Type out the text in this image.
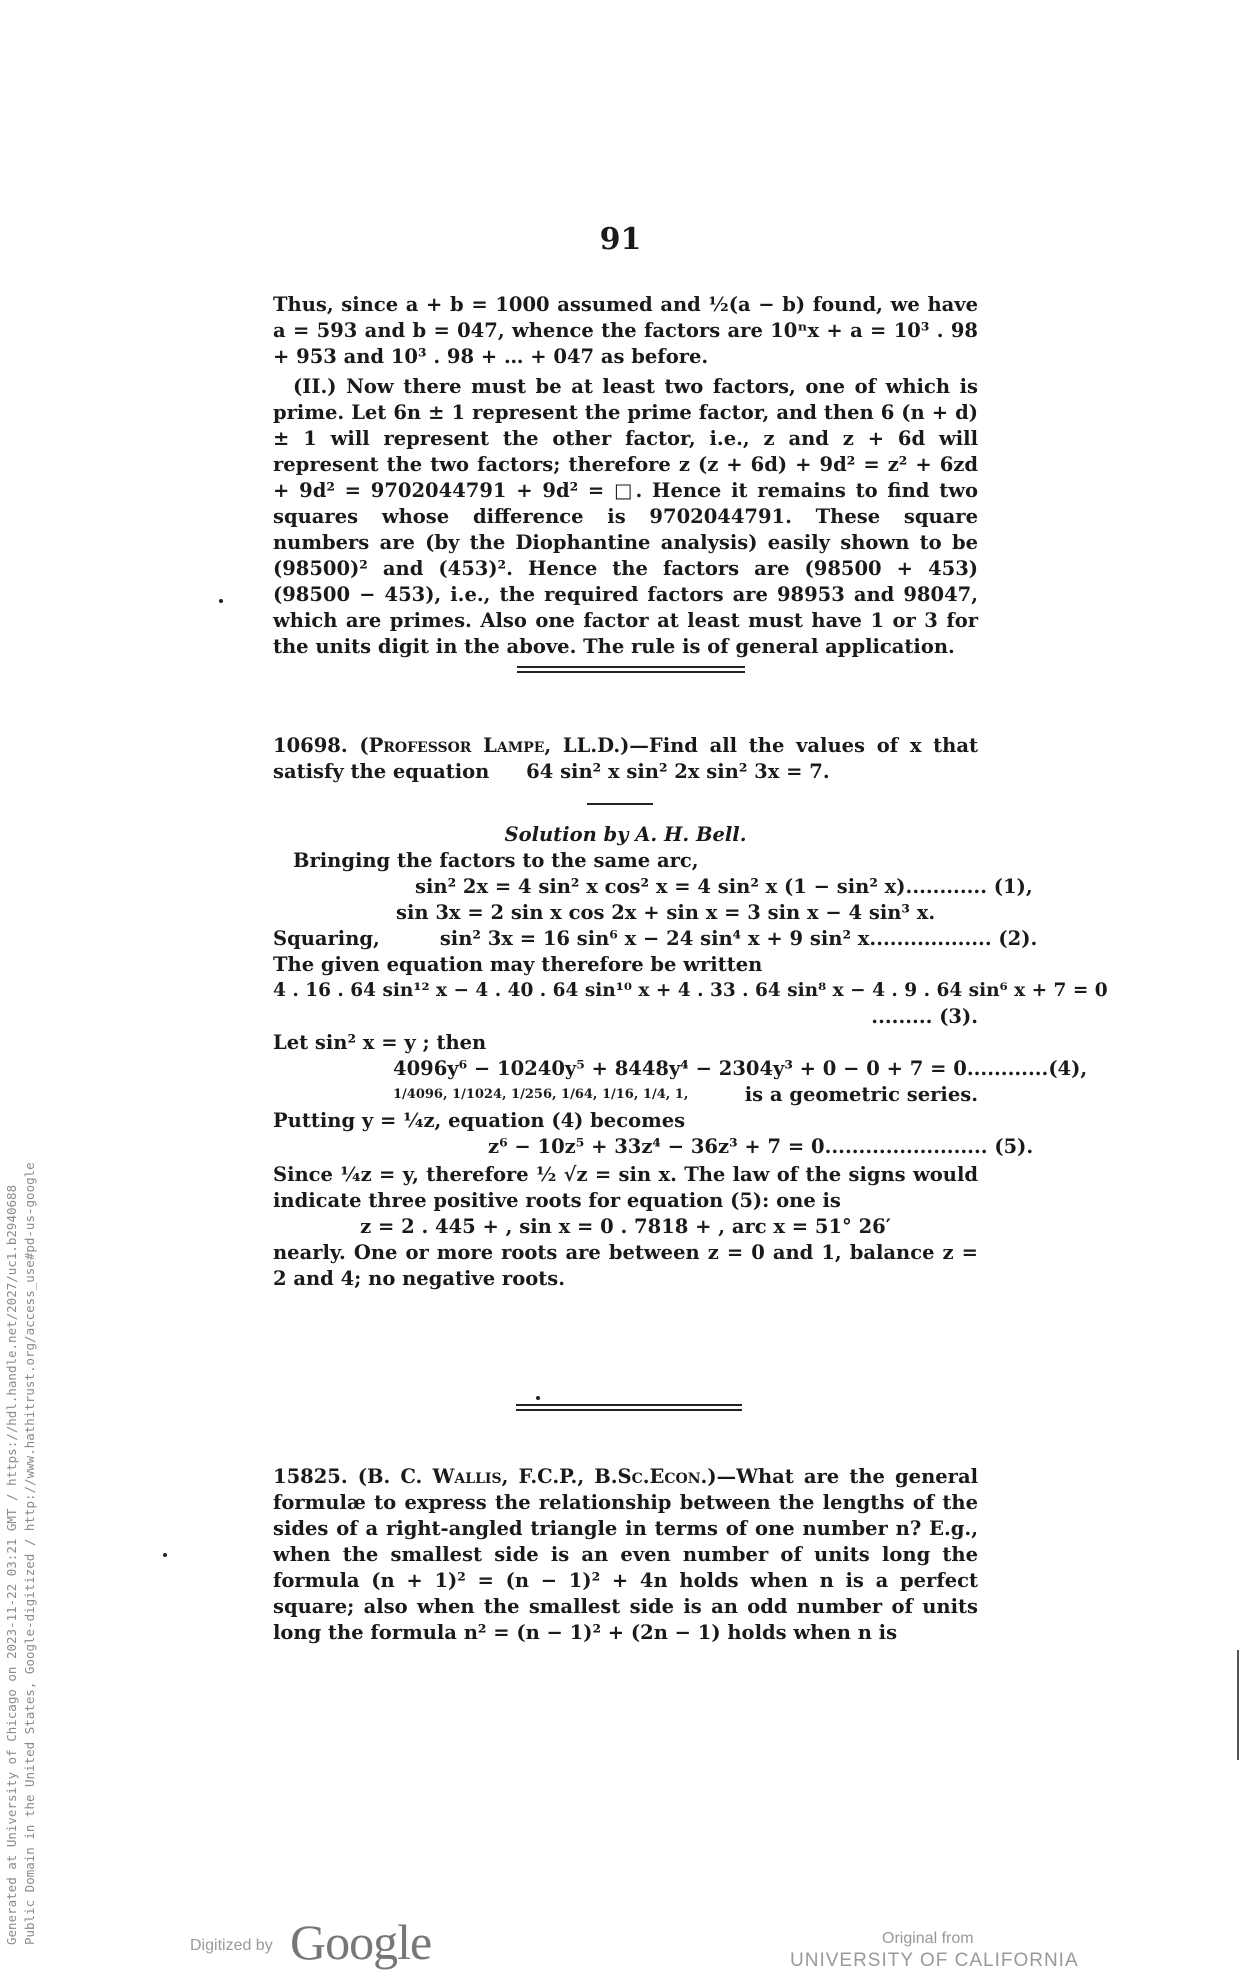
91

Thus, since a + b = 1000 assumed and ½(a − b) found, we have a = 593 and b = 047, whence the factors are 10ⁿx + a = 10³ . 98 + 953 and 10³ . 98 + … + 047 as before.

(II.) Now there must be at least two factors, one of which is prime. Let 6n ± 1 represent the prime factor, and then 6 (n + d) ± 1 will represent the other factor, i.e., z and z + 6d will represent the two factors; therefore z (z + 6d) + 9d² = z² + 6zd + 9d² = 9702044791 + 9d² = □. Hence it remains to find two squares whose difference is 9702044791. These square numbers are (by the Diophantine analysis) easily shown to be (98500)² and (453)². Hence the factors are (98500 + 453) (98500 − 453), i.e., the required factors are 98953 and 98047, which are primes. Also one factor at least must have 1 or 3 for the units digit in the above. The rule is of general application.

10698. (Professor Lampe, LL.D.)—Find all the values of x that satisfy the equation 64 sin² x sin² 2x sin² 3x = 7.

Solution by A. H. Bell.
Bringing the factors to the same arc,
sin² 2x = 4 sin² x cos² x = 4 sin² x (1 − sin² x) ............ (1),
sin 3x = 2 sin x cos 2x + sin x = 3 sin x − 4 sin³ x.
Squaring,	sin² 3x = 16 sin⁶ x − 24 sin⁴ x + 9 sin² x .................. (2).
The given equation may therefore be written
4 . 16 . 64 sin¹² x − 4 . 40 . 64 sin¹⁰ x + 4 . 33 . 64 sin⁸ x − 4 . 9 . 64 sin⁶ x + 7 = 0
......... (3).
Let sin² x = y ; then
4096y⁶ − 10240y⁵ + 8448y⁴ − 2304y³ + 0 − 0 + 7 = 0 ............(4),
1/4096, 1/1024, 1/256, 1/64, 1/16, 1/4, 1,	is a geometric series.
Putting y = ¼z, equation (4) becomes
z⁶ − 10z⁵ + 33z⁴ − 36z³ + 7 = 0 ........................ (5).

Since ¼z = y, therefore ½ √z = sin x. The law of the signs would indicate three positive roots for equation (5): one is

z = 2 . 445 + , sin x = 0 . 7818 + , arc x = 51° 26′

nearly. One or more roots are between z = 0 and 1, balance z = 2 and 4; no negative roots.

15825. (B. C. Wallis, F.C.P., B.Sc.Econ.)—What are the general formulæ to express the relationship between the lengths of the sides of a right-angled triangle in terms of one number n? E.g., when the smallest side is an even number of units long the formula (n + 1)² = (n − 1)² + 4n holds when n is a perfect square; also when the smallest side is an odd number of units long the formula n² = (n − 1)² + (2n − 1) holds when n is

Generated at University of Chicago on 2023-11-22 03:21 GMT / https://hdl.handle.net/2027/uc1.b2940688 Public Domain in the United States, Google-digitized / http://www.hathitrust.org/access_use#pd-us-google
Digitized by Google	Original from
UNIVERSITY OF CALIFORNIA
